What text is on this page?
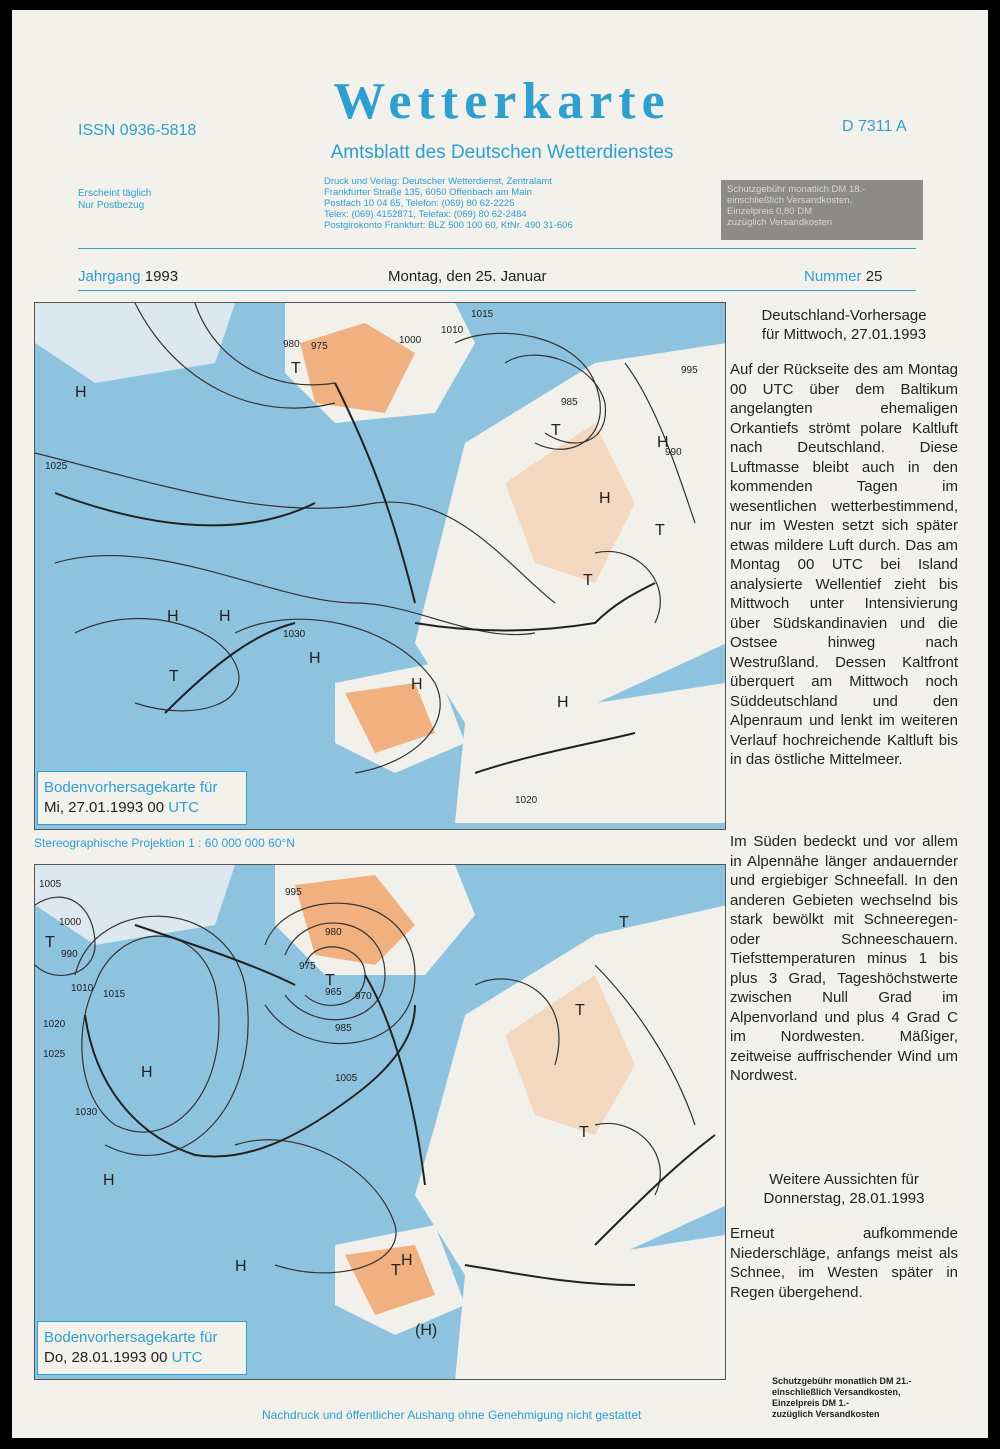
ISSN 0936-5818
Wetterkarte	D 7311 A
Amtsblatt des Deutschen Wetterdienstes
Erscheint täglich
Nur Postbezug
Druck und Verlag: Deutscher Wetterdienst, Zentralamt
Frankfurter Straße 135, 6050 Offenbach am Main
Postfach 10 04 65, Telefon: (069) 80 62-2225
Telex: (069) 4152871, Telefax: (069) 80 62-2484
Postgirokonto Frankfurt: BLZ 500 100 60, KtNr. 490 31-606
Schutzgebühr monatlich DM 18.-
einschließlich Versandkosten,
Einzelpreis 0,80 DM
zuzüglich Versandkosten
Jahrgang 1993	Montag, den 25. Januar	Nummer 25
H
H	H
H
H
H
H
H
T
T
T
T
T
1025
1030
1000
1010
1015
985
980 975
995
990
1020
Bodenvorhersagekarte für
Mi, 27.01.1993 00 UTC
Stereographische Projektion 1 : 60 000 000 60°N
H
H
H	H
(H)
T
T
T
T
T
T
1005
1000
990
1010
1015
1020
1025
1030
995
975
980
965 970
985
1005
Bodenvorhersagekarte für
Do, 28.01.1993 00 UTC
Deutschland-Vorhersage
für Mittwoch, 27.01.1993

Auf der Rückseite des am Montag 00 UTC über dem Baltikum angelangten ehemaligen Orkantiefs strömt polare Kaltluft nach Deutschland. Diese Luftmasse bleibt auch in den kommenden Tagen im wesentlichen wetterbestimmend, nur im Westen setzt sich später etwas mildere Luft durch. Das am Montag 00 UTC bei Island analysierte Wellentief zieht bis Mittwoch unter Intensivierung über Südskandinavien und die Ostsee hinweg nach Westrußland. Dessen Kaltfront überquert am Mittwoch noch Süddeutschland und den Alpenraum und lenkt im weiteren Verlauf hochreichende Kaltluft bis in das östliche Mittelmeer.

Im Süden bedeckt und vor allem in Alpennähe länger andauernder und ergiebiger Schneefall. In den anderen Gebieten wechselnd bis stark bewölkt mit Schneeregen- oder Schneeschauern. Tiefsttemperaturen minus 1 bis plus 3 Grad, Tageshöchstwerte zwischen Null Grad im Alpenvorland und plus 4 Grad C im Nordwesten. Mäßiger, zeitweise auffrischender Wind um Nordwest.

Weitere Aussichten für
Donnerstag, 28.01.1993

Erneut aufkommende Niederschläge, anfangs meist als Schnee, im Westen später in Regen übergehend.

Schutzgebühr monatlich DM 21.-
einschließlich Versandkosten,
Einzelpreis DM 1.-
zuzüglich Versandkosten
Nachdruck und öffentlicher Aushang ohne Genehmigung nicht gestattet
